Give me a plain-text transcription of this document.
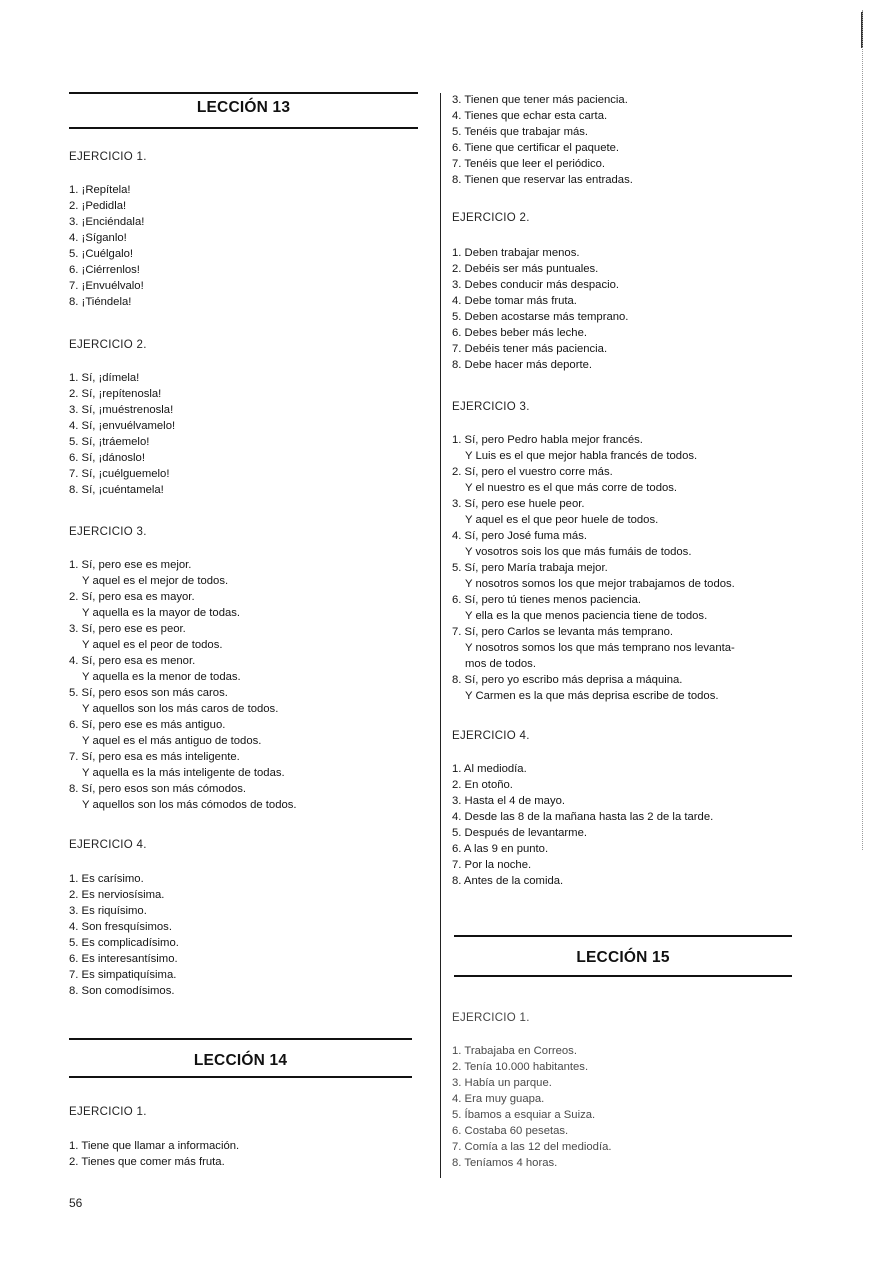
LECCIÓN 13
EJERCICIO 1.
1. ¡Repítela!
2. ¡Pedidla!
3. ¡Enciéndala!
4. ¡Síganlo!
5. ¡Cuélgalo!
6. ¡Ciérrenlos!
7. ¡Envuélvalo!
8. ¡Tiéndela!
EJERCICIO 2.
1. Sí, ¡dímela!
2. Sí, ¡repítenosla!
3. Sí, ¡muéstrenosla!
4. Sí, ¡envuélvamelo!
5. Sí, ¡tráemelo!
6. Sí, ¡dánoslo!
7. Sí, ¡cuélguemelo!
8. Sí, ¡cuéntamela!
EJERCICIO 3.
1. Sí, pero ese es mejor.
Y aquel es el mejor de todos.
2. Sí, pero esa es mayor.
Y aquella es la mayor de todas.
3. Sí, pero ese es peor.
Y aquel es el peor de todos.
4. Sí, pero esa es menor.
Y aquella es la menor de todas.
5. Sí, pero esos son más caros.
Y aquellos son los más caros de todos.
6. Sí, pero ese es más antiguo.
Y aquel es el más antiguo de todos.
7. Sí, pero esa es más inteligente.
Y aquella es la más inteligente de todas.
8. Sí, pero esos son más cómodos.
Y aquellos son los más cómodos de todos.
EJERCICIO 4.
1. Es carísimo.
2. Es nerviosísima.
3. Es riquísimo.
4. Son fresquísimos.
5. Es complicadísimo.
6. Es interesantísimo.
7. Es simpatiquísima.
8. Son comodísimos.
LECCIÓN 14
EJERCICIO 1.
1. Tiene que llamar a información.
2. Tienes que comer más fruta.
56
3. Tienen que tener más paciencia.
4. Tienes que echar esta carta.
5. Tenéis que trabajar más.
6. Tiene que certificar el paquete.
7. Tenéis que leer el periódico.
8. Tienen que reservar las entradas.
EJERCICIO 2.
1. Deben trabajar menos.
2. Debéis ser más puntuales.
3. Debes conducir más despacio.
4. Debe tomar más fruta.
5. Deben acostarse más temprano.
6. Debes beber más leche.
7. Debéis tener más paciencia.
8. Debe hacer más deporte.
EJERCICIO 3.
1. Sí, pero Pedro habla mejor francés.
Y Luis es el que mejor habla francés de todos.
2. Sí, pero el vuestro corre más.
Y el nuestro es el que más corre de todos.
3. Sí, pero ese huele peor.
Y aquel es el que peor huele de todos.
4. Sí, pero José fuma más.
Y vosotros sois los que más fumáis de todos.
5. Sí, pero María trabaja mejor.
Y nosotros somos los que mejor trabajamos de todos.
6. Sí, pero tú tienes menos paciencia.
Y ella es la que menos paciencia tiene de todos.
7. Sí, pero Carlos se levanta más temprano.
Y nosotros somos los que más temprano nos levanta-
mos de todos.
8. Sí, pero yo escribo más deprisa a máquina.
Y Carmen es la que más deprisa escribe de todos.
EJERCICIO 4.
1. Al mediodía.
2. En otoño.
3. Hasta el 4 de mayo.
4. Desde las 8 de la mañana hasta las 2 de la tarde.
5. Después de levantarme.
6. A las 9 en punto.
7. Por la noche.
8. Antes de la comida.
LECCIÓN 15
EJERCICIO 1.
1. Trabajaba en Correos.
2. Tenía 10.000 habitantes.
3. Había un parque.
4. Era muy guapa.
5. Íbamos a esquiar a Suiza.
6. Costaba 60 pesetas.
7. Comía a las 12 del mediodía.
8. Teníamos 4 horas.
